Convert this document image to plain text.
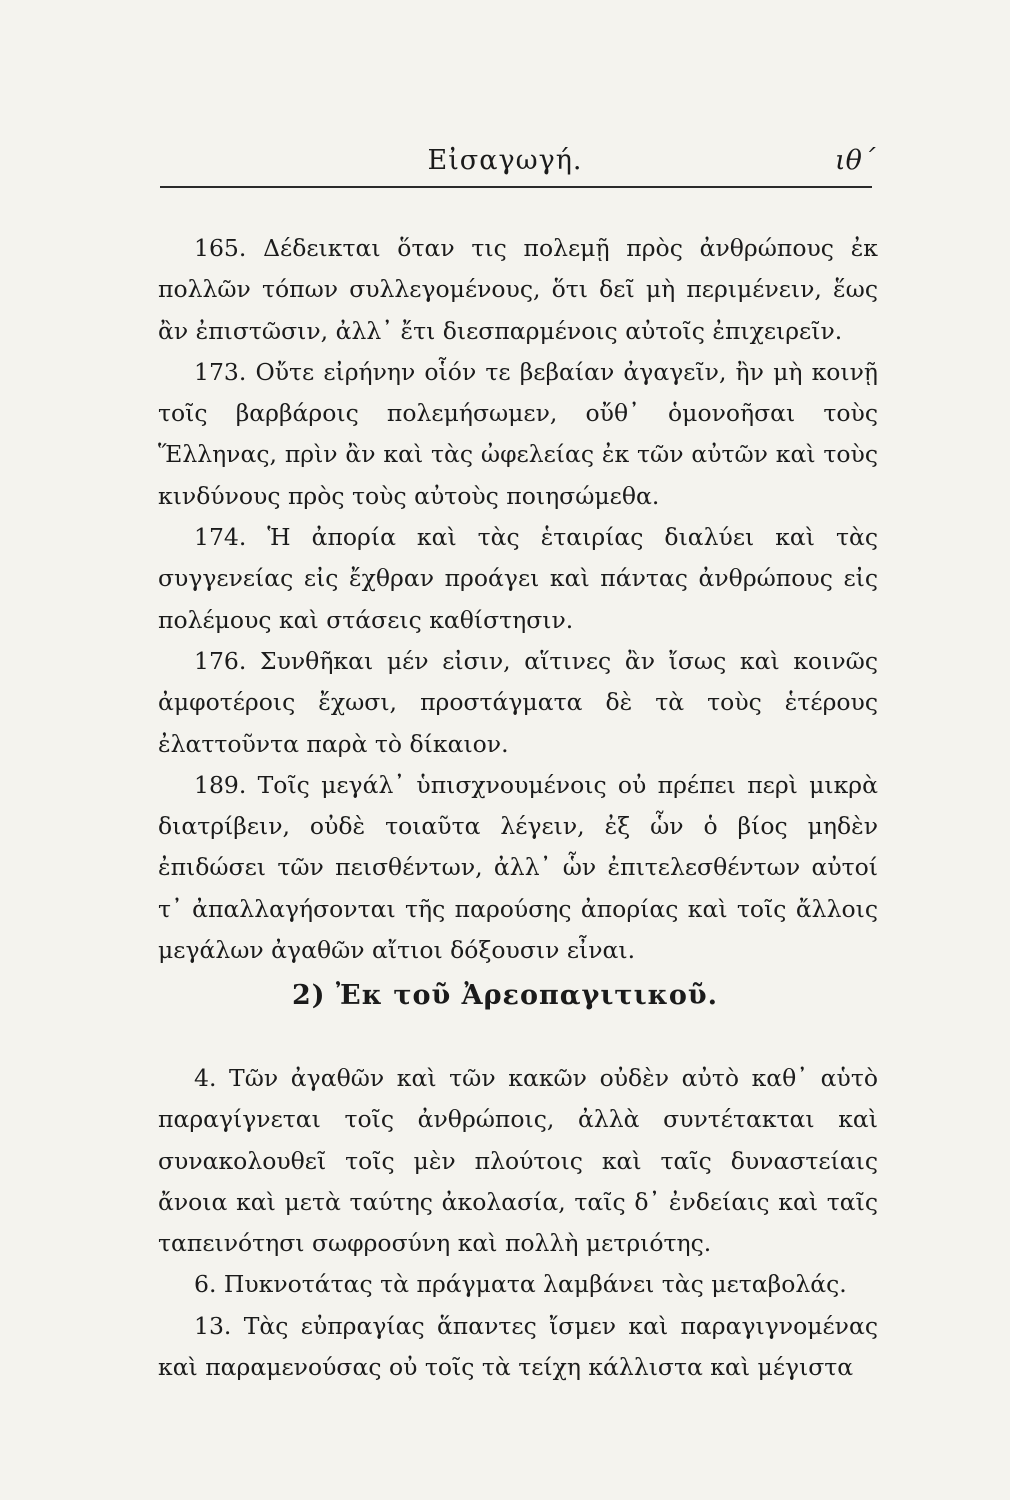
Εἰσαγωγή.	ιθ΄

165. Δέδεικται ὅταν τις πολεμῇ πρὸς ἀνθρώπους ἐκ πολλῶν τόπων συλλεγομένους, ὅτι δεῖ μὴ περιμένειν, ἕως ἂν ἐπιστῶσιν, ἀλλ᾽ ἔτι διεσπαρμένοις αὐτοῖς ἐπιχειρεῖν.

173. Οὔτε εἰρήνην οἷόν τε βεβαίαν ἀγαγεῖν, ἢν μὴ κοινῇ τοῖς βαρβάροις πολεμήσωμεν, οὔθ᾽ ὁμονοῆσαι τοὺς Ἕλληνας, πρὶν ἂν καὶ τὰς ὠφελείας ἐκ τῶν αὐτῶν καὶ τοὺς κινδύνους πρὸς τοὺς αὐτοὺς ποιησώμεθα.

174. Ἡ ἀπορία καὶ τὰς ἑταιρίας διαλύει καὶ τὰς συγγενείας εἰς ἔχθραν προάγει καὶ πάντας ἀνθρώπους εἰς πολέμους καὶ στάσεις καθίστησιν.

176. Συνθῆκαι μέν εἰσιν, αἵτινες ἂν ἴσως καὶ κοινῶς ἀμφοτέροις ἔχωσι, προστάγματα δὲ τὰ τοὺς ἑτέρους ἐλαττοῦντα παρὰ τὸ δίκαιον.

189. Τοῖς μεγάλ᾽ ὑπισχνουμένοις οὐ πρέπει περὶ μικρὰ διατρίβειν, οὐδὲ τοιαῦτα λέγειν, ἐξ ὧν ὁ βίος μηδὲν ἐπιδώσει τῶν πεισθέντων, ἀλλ᾽ ὧν ἐπιτελεσθέντων αὐτοί τ᾽ ἀπαλλαγήσονται τῆς παρούσης ἀπορίας καὶ τοῖς ἄλλοις μεγάλων ἀγαθῶν αἴτιοι δόξουσιν εἶναι.

2) Ἐκ τοῦ Ἀρεοπαγιτικοῦ.

4. Τῶν ἀγαθῶν καὶ τῶν κακῶν οὐδὲν αὐτὸ καθ᾽ αὑτὸ παραγίγνεται τοῖς ἀνθρώποις, ἀλλὰ συντέτακται καὶ συνακολουθεῖ τοῖς μὲν πλούτοις καὶ ταῖς δυναστείαις ἄνοια καὶ μετὰ ταύτης ἀκολασία, ταῖς δ᾽ ἐνδείαις καὶ ταῖς ταπεινότησι σωφροσύνη καὶ πολλὴ μετριότης.

6. Πυκνοτάτας τὰ πράγματα λαμβάνει τὰς μεταβολάς.

13. Τὰς εὐπραγίας ἅπαντες ἴσμεν καὶ παραγιγνομένας καὶ παραμενούσας οὐ τοῖς τὰ τείχη κάλλιστα καὶ μέγιστα
